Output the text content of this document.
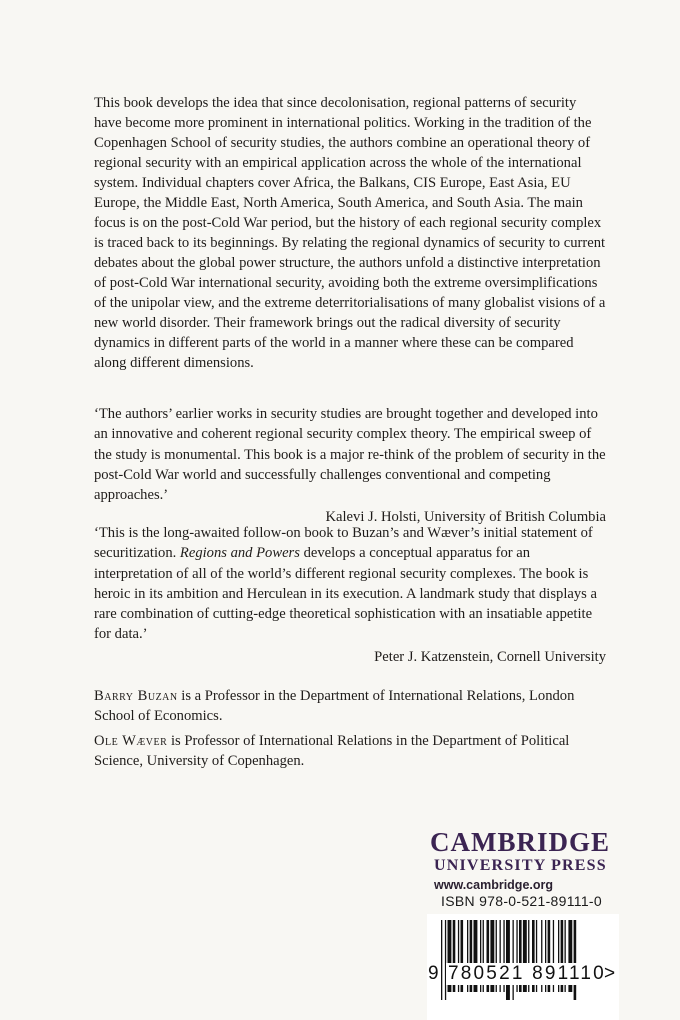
This book develops the idea that since decolonisation, regional patterns of security have become more prominent in international politics. Working in the tradition of the Copenhagen School of security studies, the authors combine an operational theory of regional security with an empirical application across the whole of the international system. Individual chapters cover Africa, the Balkans, CIS Europe, East Asia, EU Europe, the Middle East, North America, South America, and South Asia. The main focus is on the post-Cold War period, but the history of each regional security complex is traced back to its beginnings. By relating the regional dynamics of security to current debates about the global power structure, the authors unfold a distinctive interpretation of post-Cold War international security, avoiding both the extreme oversimplifications of the unipolar view, and the extreme deterritorialisations of many globalist visions of a new world disorder. Their framework brings out the radical diversity of security dynamics in different parts of the world in a manner where these can be compared along different dimensions.

‘The authors’ earlier works in security studies are brought together and developed into an innovative and coherent regional security complex theory. The empirical sweep of the study is monumental. This book is a major re-think of the problem of security in the post-Cold War world and successfully challenges conventional and competing approaches.’
Kalevi J. Holsti, University of British Columbia
‘This is the long-awaited follow-on book to Buzan’s and Wæver’s initial statement of securitization. Regions and Powers develops a conceptual apparatus for an interpretation of all of the world’s different regional security complexes. The book is heroic in its ambition and Herculean in its execution. A landmark study that displays a rare combination of cutting-edge theoretical sophistication with an insatiable appetite for data.’
Peter J. Katzenstein, Cornell University

Barry Buzan is a Professor in the Department of International Relations, London School of Economics.

Ole Wæver is Professor of International Relations in the Department of Political Science, University of Copenhagen.

CAMBRIDGE
UNIVERSITY PRESS
www.cambridge.org
ISBN 978-0-521-89111-0
9 780521 891110
>
